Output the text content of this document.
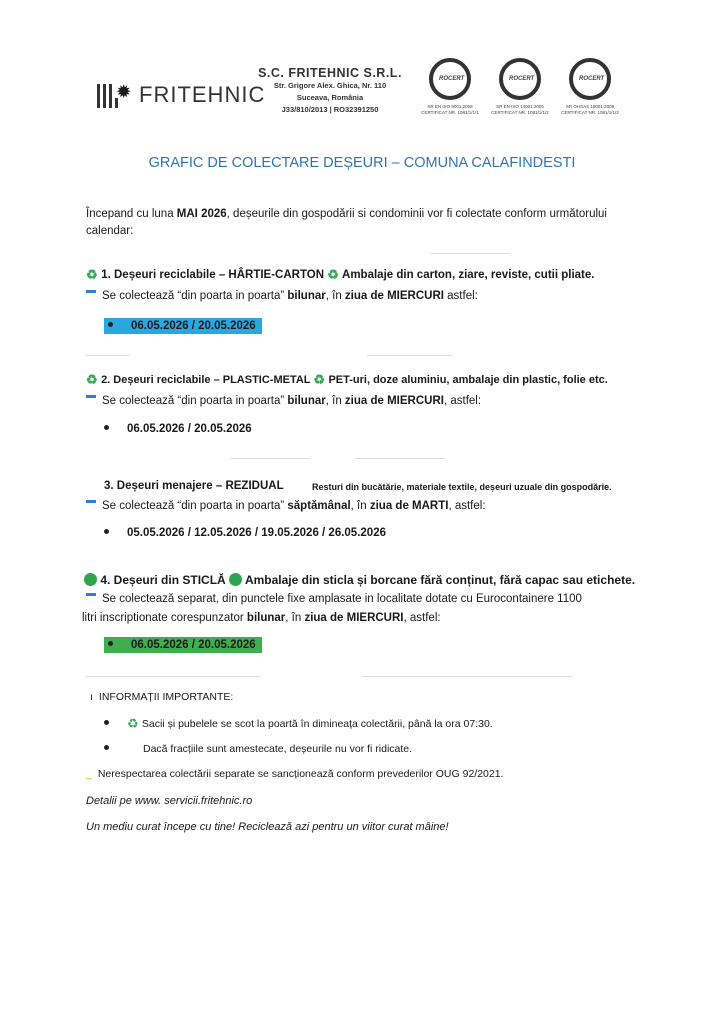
✹ FRITEHNIC
S.C. FRITEHNIC S.R.L.
Str. Grigore Alex. Ghica, Nr. 110
Suceava, România
J33/810/2013 | RO32391250
ROCERT
SR EN ISO 9001:2008
CERTIFICAT NR. 1081/1/1/1
ROCERT
SR EN ISO 14001:2005
CERTIFICAT NR. 1081/1/1/2
ROCERT
SR OHSAS 18001:2008
CERTIFICAT NR. 1081/1/1/3
GRAFIC DE COLECTARE DEȘEURI – COMUNA CALAFINDESTI
Începand cu luna MAI 2026, deșeurile din gospodării si condominii vor fi colectate conform următorului
calendar:
♻ 1. Deșeuri reciclabile – HÂRTIE-CARTON ♻ Ambalaje din carton, ziare, reviste, cutii pliate.
Se colectează “din poarta in poarta” bilunar, în ziua de MIERCURI astfel:
06.05.2026 / 20.05.2026
♻ 2. Deșeuri reciclabile – PLASTIC-METAL ♻ PET-uri, doze aluminiu, ambalaje din plastic, folie etc.
Se colectează “din poarta in poarta” bilunar, în ziua de MIERCURI, astfel:
06.05.2026 / 20.05.2026
3. Deșeuri menajere – REZIDUAL	Resturi din bucătărie, materiale textile, deșeuri uzuale din gospodărie.
Se colectează “din poarta in poarta” săptămânal, în ziua de MARTI, astfel:
05.05.2026 / 12.05.2026 / 19.05.2026 / 26.05.2026
4. Deșeuri din STICLĂ Ambalaje din sticla și borcane fără conținut, fără capac sau etichete.
Se colectează separat, din punctele fixe amplasate in localitate dotate cu Eurocontainere 1100
litri inscriptionate corespunzator bilunar, în ziua de MIERCURI, astfel:
06.05.2026 / 20.05.2026
ı INFORMAȚII IMPORTANTE:
♻ Sacii și pubelele se scot la poartă în dimineața colectării, până la ora 07:30.
Dacă fracțiile sunt amestecate, deșeurile nu vor fi ridicate.
_ Nerespectarea colectării separate se sancționează conform prevederilor OUG 92/2021.
Detalii pe www. servicii.fritehnic.ro
Un mediu curat începe cu tine! Reciclează azi pentru un viitor curat mâine!
